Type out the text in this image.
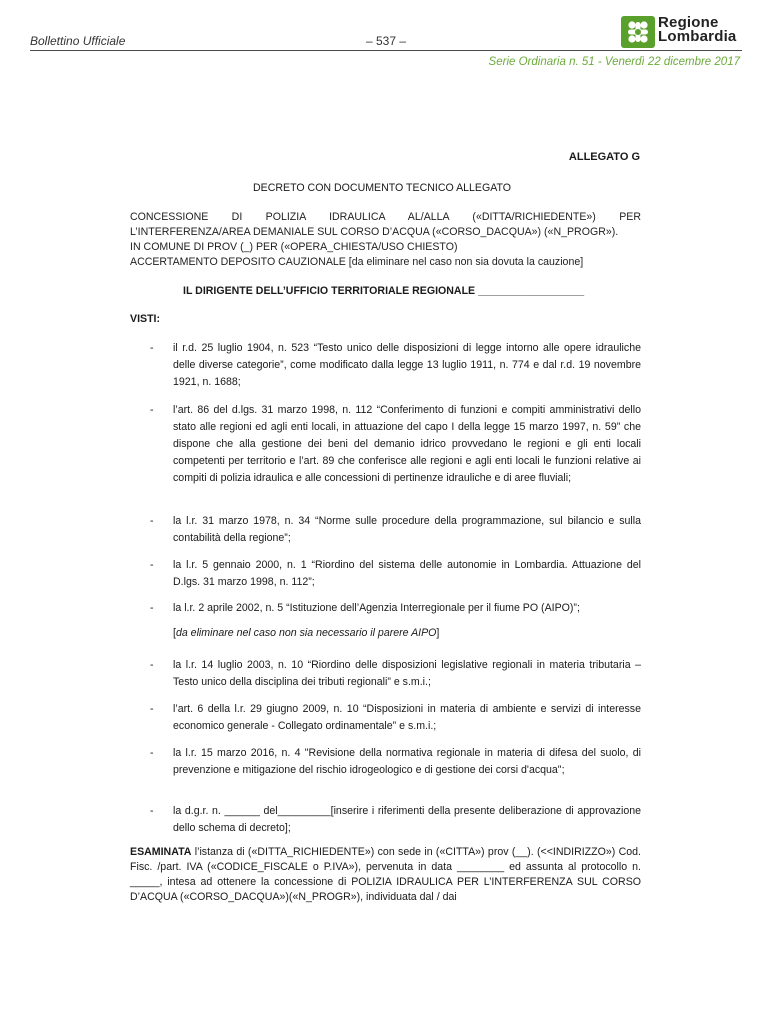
Bollettino Ufficiale	– 537 –
Regione
Lombardia
Serie Ordinaria n. 51 - Venerdì 22 dicembre 2017
ALLEGATO G
DECRETO CON DOCUMENTO TECNICO ALLEGATO
CONCESSIONE DI POLIZIA IDRAULICA AL/ALLA («DITTA/RICHIEDENTE») PER
L’INTERFERENZA/AREA DEMANIALE SUL CORSO D’ACQUA («CORSO_DACQUA») («N_PROGR»).
IN COMUNE DI PROV (_) PER («OPERA_CHIESTA/USO CHIESTO)
ACCERTAMENTO DEPOSITO CAUZIONALE [da eliminare nel caso non sia dovuta la cauzione]
IL DIRIGENTE DELL’UFFICIO TERRITORIALE REGIONALE __________________
VISTI:
- il r.d. 25 luglio 1904, n. 523 “Testo unico delle disposizioni di legge intorno alle opere idrauliche delle diverse categorie”, come modificato dalla legge 13 luglio 1911, n. 774 e dal r.d. 19 novembre 1921, n. 1688;
- l’art. 86 del d.lgs. 31 marzo 1998, n. 112 “Conferimento di funzioni e compiti amministrativi dello stato alle regioni ed agli enti locali, in attuazione del capo I della legge 15 marzo 1997, n. 59” che dispone che alla gestione dei beni del demanio idrico provvedano le regioni e gli enti locali competenti per territorio e l’art. 89 che conferisce alle regioni e agli enti locali le funzioni relative ai compiti di polizia idraulica e alle concessioni di pertinenze idrauliche e di aree fluviali;
- la l.r. 31 marzo 1978, n. 34 “Norme sulle procedure della programmazione, sul bilancio e sulla contabilità della regione”;
- la l.r. 5 gennaio 2000, n. 1 “Riordino del sistema delle autonomie in Lombardia. Attuazione del D.lgs. 31 marzo 1998, n. 112”;
- la l.r. 2 aprile 2002, n. 5 “Istituzione dell’Agenzia Interregionale per il fiume PO (AIPO)”;
[da eliminare nel caso non sia necessario il parere AIPO]
- la l.r. 14 luglio 2003, n. 10 “Riordino delle disposizioni legislative regionali in materia tributaria – Testo unico della disciplina dei tributi regionali” e s.m.i.;
- l’art. 6 della l.r. 29 giugno 2009, n. 10 “Disposizioni in materia di ambiente e servizi di interesse economico generale - Collegato ordinamentale” e s.m.i.;
- la l.r. 15 marzo 2016, n. 4 "Revisione della normativa regionale in materia di difesa del suolo, di prevenzione e mitigazione del rischio idrogeologico e di gestione dei corsi d'acqua";
- la d.g.r. n. ______ del_________[inserire i riferimenti della presente deliberazione di approvazione dello schema di decreto];
ESAMINATA l’istanza di («DITTA_RICHIEDENTE») con sede in («CITTA») prov (__). (<<INDIRIZZO») Cod. Fisc. /part. IVA («CODICE_FISCALE o P.IVA»), pervenuta in data ________ ed assunta al protocollo n. _____, intesa ad ottenere la concessione di POLIZIA IDRAULICA PER L’INTERFERENZA SUL CORSO D’ACQUA («CORSO_DACQUA»)(«N_PROGR»), individuata dal / dai
